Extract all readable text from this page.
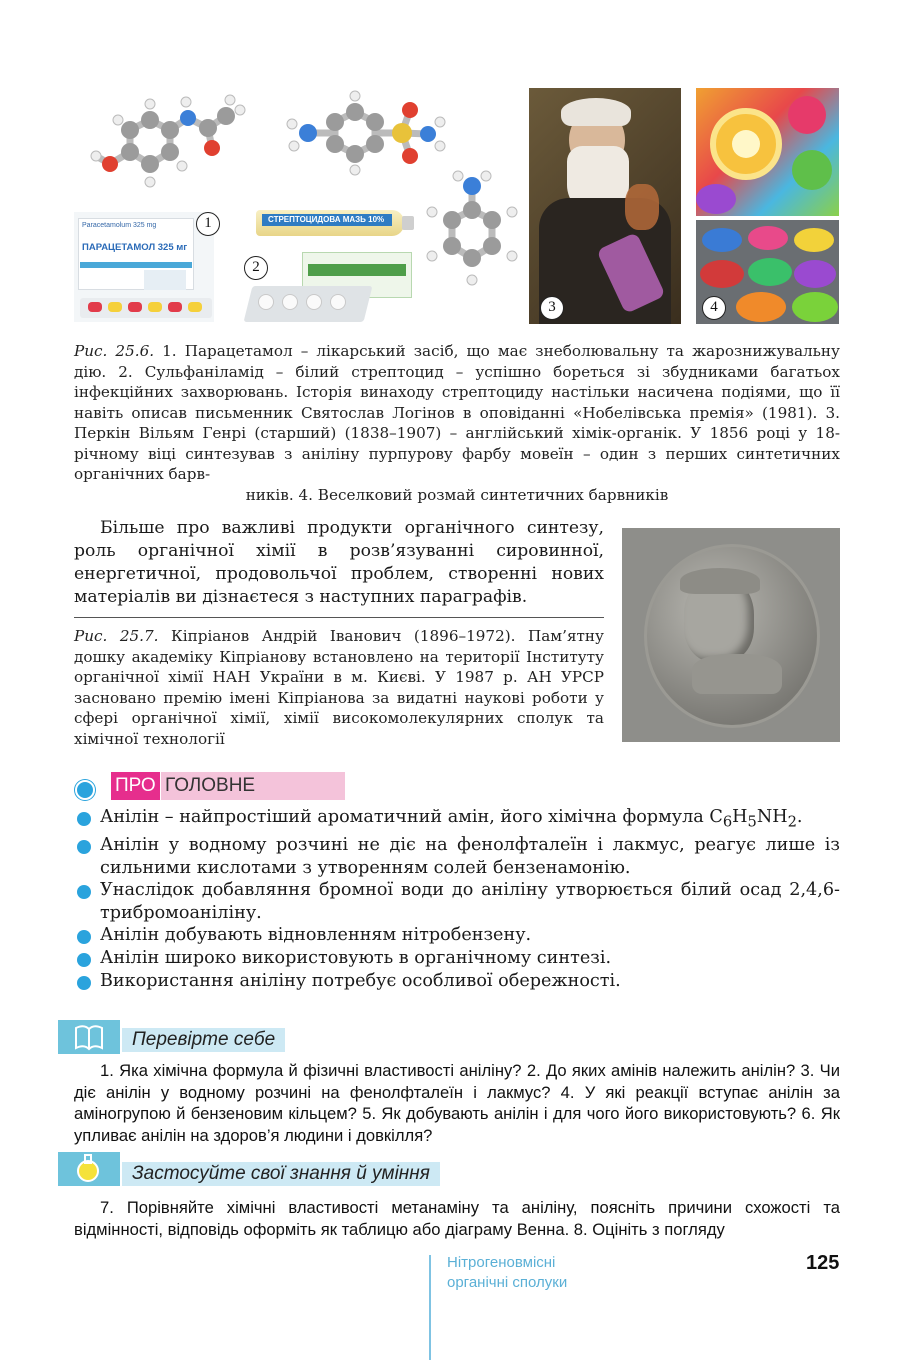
Paracetamolum 325 mg
ПАРАЦЕТАМОЛ 325 мг
1	СТРЕПТОЦИДОВА МАЗЬ 10%
2
3	4
Рис. 25.6. 1. Парацетамол – лікарський засіб, що має знеболювальну та жарознижувальну дію. 2. Сульфаніламід – білий стрептоцид – успішно бореться зі збудниками багатьох інфекційних захворювань. Історія винаходу стрептоциду настільки насичена подіями, що її навіть описав письменник Святослав Логінов в оповіданні «Нобелівська премія» (1981). 3. Перкін Вільям Генрі (старший) (1838–1907) – англійський хімік-органік. У 1856 році у 18-річному віці синтезував з аніліну пурпурову фарбу мовеїн – один з перших синтетичних органічних барв-
ників. 4. Веселковий розмай синтетичних барвників
Більше про важливі продукти органічного синтезу, роль органічної хімії в розв’язуванні сировинної, енергетичної, продовольчої проблем, створенні нових матеріалів ви дізнаєтеся з наступних параграфів.
Рис. 25.7. Кіпріанов Андрій Іванович (1896–1972). Пам’ятну дошку академіку Кіпріанову встановлено на території Інституту органічної хімії НАН України в м. Києві. У 1987 р. АН УРСР засновано премію імені Кіпріанова за видатні наукові роботи у сфері органічної хімії, хімії високомолекулярних сполук та хімічної технології
ГОЛОВНЕ
ПРО
Анілін – найпростіший ароматичний амін, його хімічна формула $C_6H_5NH_2$.
Анілін у водному розчині не діє на фенолфталеїн і лакмус, реагує лише із сильними кислотами з утворенням солей бензенамонію.
Унаслідок добавляння бромної води до аніліну утворюється білий осад 2,4,6-трибромоаніліну.
Анілін добувають відновленням нітробензену.
Анілін широко використовують в органічному синтезі.
Використання аніліну потребує особливої обережності.
Перевірте себе
1. Яка хімічна формула й фізичні властивості аніліну? 2. До яких амінів належить анілін? 3. Чи діє анілін у водному розчині на фенолфталеїн і лакмус? 4. У які реакції вступає анілін за аміногрупою й бензеновим кільцем? 5. Як добувають анілін і для чого його використовують? 6. Як упливає анілін на здоров’я людини і довкілля?
Застосуйте свої знання й уміння
7. Порівняйте хімічні властивості метанаміну та аніліну, поясніть причини схожості та відмінності, відповідь оформіть як таблицю або діаграму Венна. 8. Оцініть з погляду
Нітрогеновмісні
органічні сполуки
125
